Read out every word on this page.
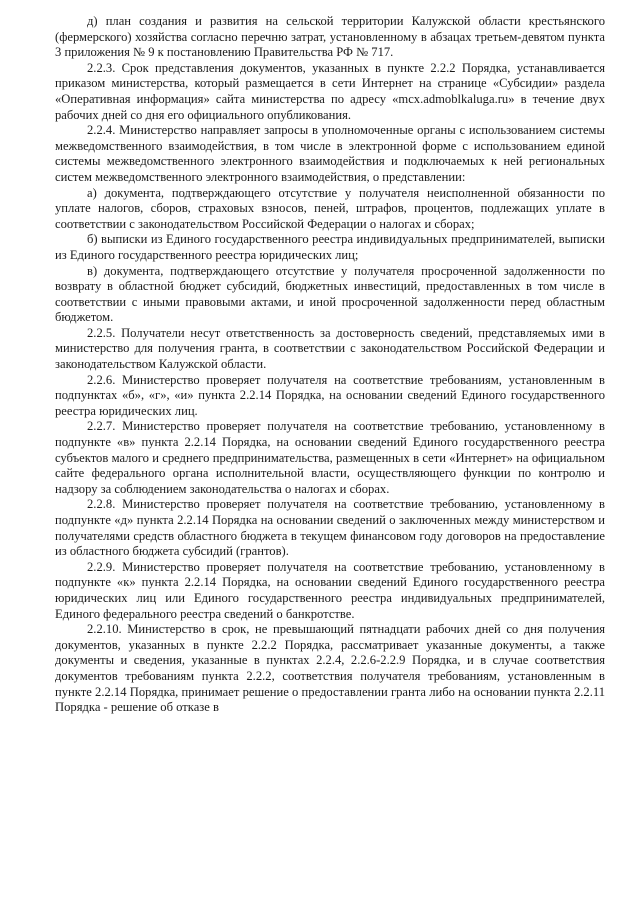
д) план создания и развития на сельской территории Калужской области крестьянского (фермерского) хозяйства согласно перечню затрат, установленному в абзацах третьем-девятом пункта 3 приложения № 9 к постановлению Правительства РФ № 717.

2.2.3. Срок представления документов, указанных в пункте 2.2.2 Порядка, устанавливается приказом министерства, который размещается в сети Интернет на странице «Субсидии» раздела «Оперативная информация» сайта министерства по адресу «mcx.admoblkaluga.ru» в течение двух рабочих дней со дня его официального опубликования.

2.2.4. Министерство направляет запросы в уполномоченные органы с использованием системы межведомственного взаимодействия, в том числе в электронной форме с использованием единой системы межведомственного электронного взаимодействия и подключаемых к ней региональных систем межведомственного электронного взаимодействия, о представлении:

а) документа, подтверждающего отсутствие у получателя неисполненной обязанности по уплате налогов, сборов, страховых взносов, пеней, штрафов, процентов, подлежащих уплате в соответствии с законодательством Российской Федерации о налогах и сборах;

б) выписки из Единого государственного реестра индивидуальных предпринимателей, выписки из Единого государственного реестра юридических лиц;

в) документа, подтверждающего отсутствие у получателя просроченной задолженности по возврату в областной бюджет субсидий, бюджетных инвестиций, предоставленных в том числе в соответствии с иными правовыми актами, и иной просроченной задолженности перед областным бюджетом.

2.2.5. Получатели несут ответственность за достоверность сведений, представляемых ими в министерство для получения гранта, в соответствии с законодательством Российской Федерации и законодательством Калужской области.

2.2.6. Министерство проверяет получателя на соответствие требованиям, установленным в подпунктах «б», «г», «и» пункта 2.2.14 Порядка, на основании сведений Единого государственного реестра юридических лиц.

2.2.7. Министерство проверяет получателя на соответствие требованию, установленному в подпункте «в» пункта 2.2.14 Порядка, на основании сведений Единого государственного реестра субъектов малого и среднего предпринимательства, размещенных в сети «Интернет» на официальном сайте федерального органа исполнительной власти, осуществляющего функции по контролю и надзору за соблюдением законодательства о налогах и сборах.

2.2.8. Министерство проверяет получателя на соответствие требованию, установленному в подпункте «д» пункта 2.2.14 Порядка на основании сведений о заключенных между министерством и получателями средств областного бюджета в текущем финансовом году договоров на предоставление из областного бюджета субсидий (грантов).

2.2.9. Министерство проверяет получателя на соответствие требованию, установленному в подпункте «к» пункта 2.2.14 Порядка, на основании сведений Единого государственного реестра юридических лиц или Единого государственного реестра индивидуальных предпринимателей, Единого федерального реестра сведений о банкротстве.

2.2.10. Министерство в срок, не превышающий пятнадцати рабочих дней со дня получения документов, указанных в пункте 2.2.2 Порядка, рассматривает указанные документы, а также документы и сведения, указанные в пунктах 2.2.4, 2.2.6-2.2.9 Порядка, и в случае соответствия документов требованиям пункта 2.2.2, соответствия получателя требованиям, установленным в пункте 2.2.14 Порядка, принимает решение о предоставлении гранта либо на основании пункта 2.2.11 Порядка - решение об отказе в
